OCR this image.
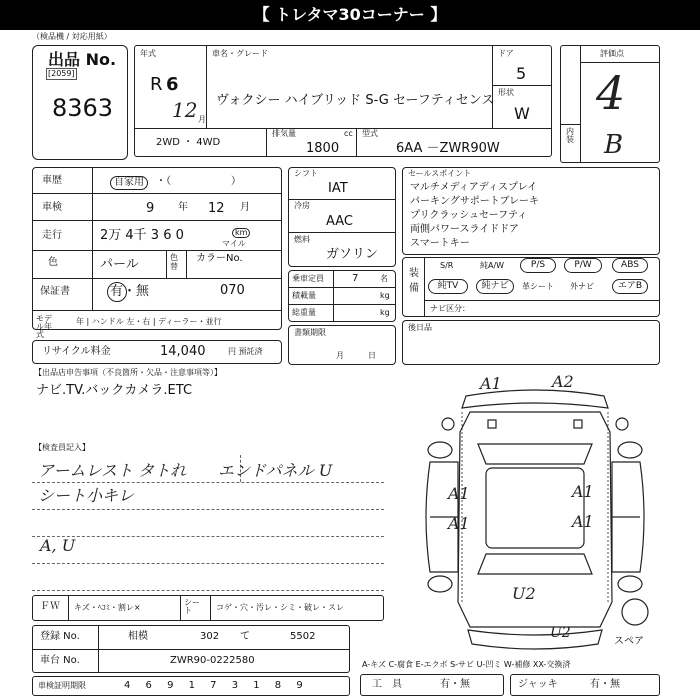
【 トレタマ30コーナー 】
（検品機 / 対応用紙）
出品 No.
[2059]
8363
年式
R 6
12 月
車名・グレード
ヴォクシー ハイブリッド S-G セーフティセンス
ドア
5
形状
W
2WD ・ 4WD
排気量	cc
1800
型式
6AA －ZWR90W
評価点
4
内装 B
車歴	自家用	・（　　　　　　）
車検	9 年 12 月
走行	2万 4千 3 6 0	km
マイル
色	パール	色替
カラーNo.
070
保証書	有・無
モデル年式
年 | ハンドル 左・右 | ディーラー・並行
リサイクル料金	14,040	円 預託済
シフト
IAT
冷房
AAC
燃料
ガソリン
乗車定員	7	名
積載量	kg
総重量	kg
書類期限
月　　　日
セールスポイント
マルチメディアディスプレイ
パーキングサポートブレーキ
プリクラッシュセーフティ
両側パワースライドドア
スマートキー
装備
S/R	純A/W	P/S	P/W	ABS
純TV	純ナビ	革シート 外ナビ	エアB
ナビ区分：
後日品
【出品店申告事項（不良箇所・欠品・注意事項等）】
ナビ.TV.バックカメラ.ETC
【検査員記入】
アームレスト タトれ エンドパネル U
シート小キレ
A, U
A1	A2
A1
A1
A1
A1
U2
U2
スペア
ＦＷ キズ・ﾍｺﾐ・割レ×
シート	コゲ・穴・汚レ・シミ・破レ・スレ
登録 No.	相模	302 て	5502
車台 No.	ZWR90-0222580
車検証明期限	4 6 9 1 7 3 1 8 9
A-キズ C-腐食 E-エクボ S-サビ U-凹ミ W-補修 XX-交換済
工　具	有・無	ジャッキ	有・無
